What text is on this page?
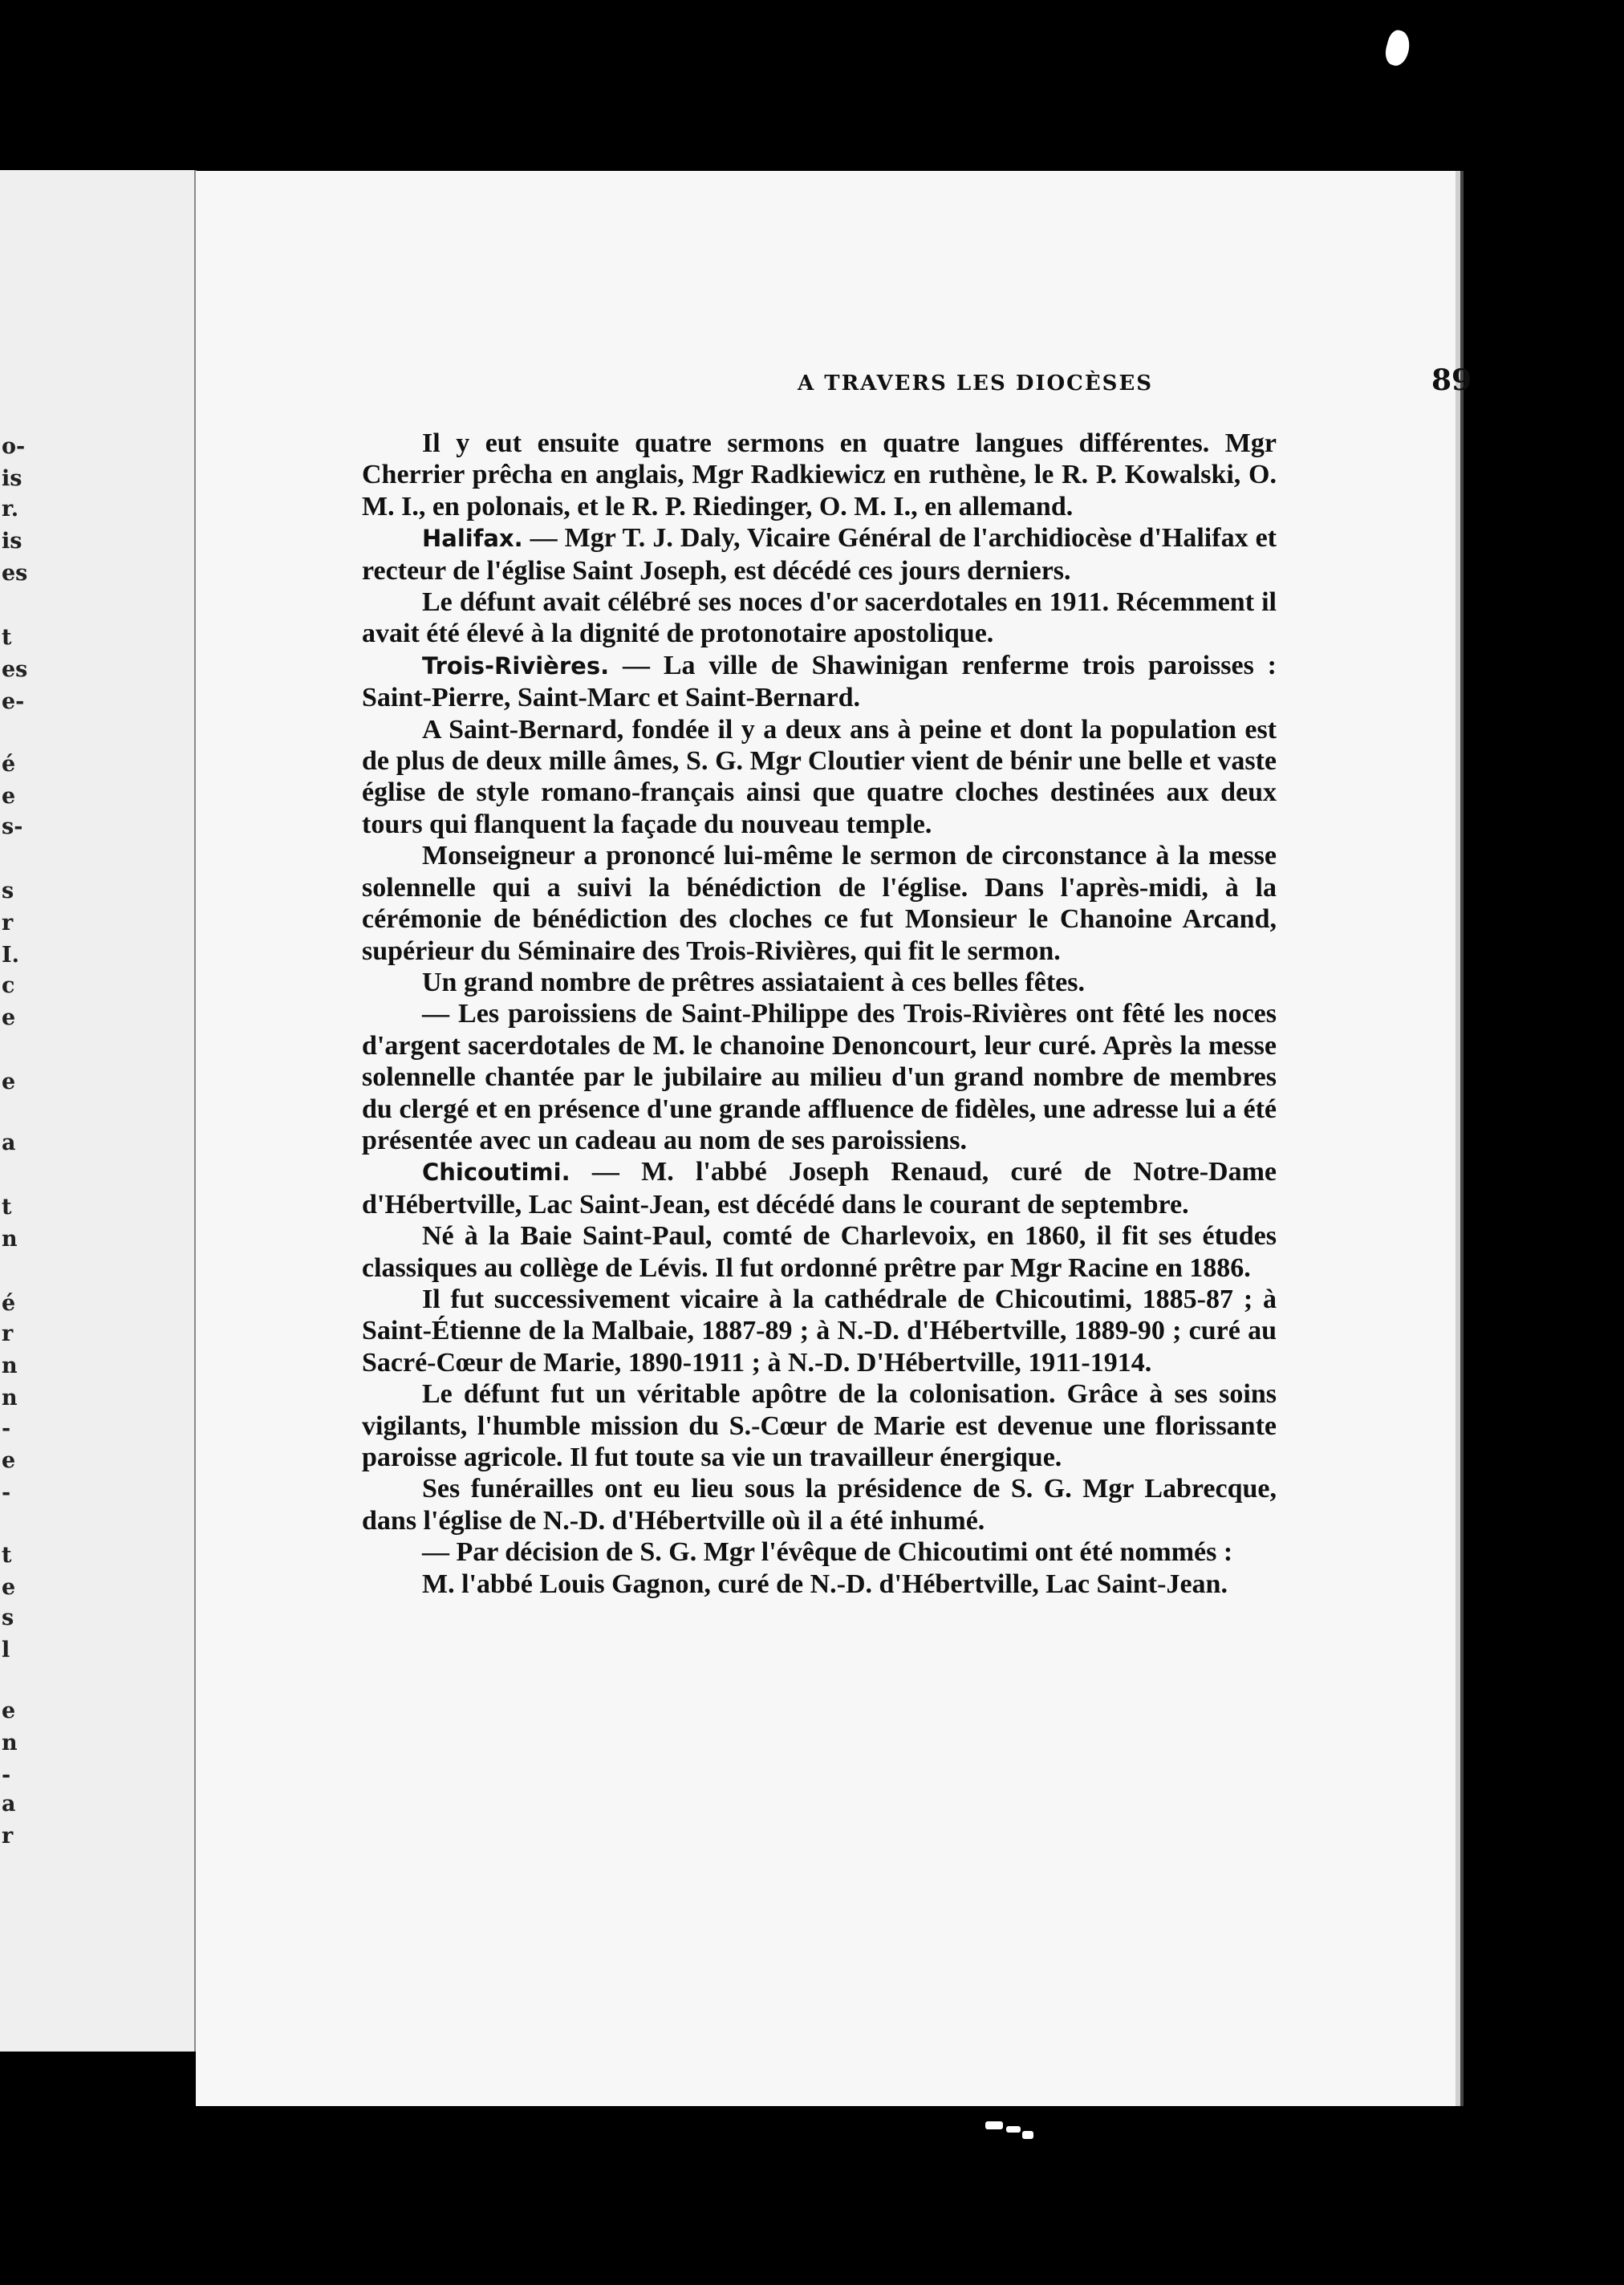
A TRAVERS LES DIOCÈSES	89

Il y eut ensuite quatre sermons en quatre langues différentes. Mgr Cherrier prêcha en anglais, Mgr Radkiewicz en ruthène, le R. P. Kowalski, O. M. I., en polonais, et le R. P. Riedinger, O. M. I., en allemand.

Halifax. — Mgr T. J. Daly, Vicaire Général de l'archidiocèse d'Halifax et recteur de l'église Saint Joseph, est décédé ces jours derniers.

Le défunt avait célébré ses noces d'or sacerdotales en 1911. Récemment il avait été élevé à la dignité de protonotaire apostolique.

Trois-Rivières. — La ville de Shawinigan renferme trois paroisses : Saint-Pierre, Saint-Marc et Saint-Bernard.

A Saint-Bernard, fondée il y a deux ans à peine et dont la population est de plus de deux mille âmes, S. G. Mgr Cloutier vient de bénir une belle et vaste église de style romano-français ainsi que quatre cloches destinées aux deux tours qui flanquent la façade du nouveau temple.

Monseigneur a prononcé lui-même le sermon de circonstance à la messe solennelle qui a suivi la bénédiction de l'église. Dans l'après-midi, à la cérémonie de bénédiction des cloches ce fut Monsieur le Chanoine Arcand, supérieur du Séminaire des Trois-Rivières, qui fit le sermon.

Un grand nombre de prêtres assiataient à ces belles fêtes.

— Les paroissiens de Saint-Philippe des Trois-Rivières ont fêté les noces d'argent sacerdotales de M. le chanoine Denoncourt, leur curé. Après la messe solennelle chantée par le jubilaire au milieu d'un grand nombre de membres du clergé et en présence d'une grande affluence de fidèles, une adresse lui a été présentée avec un cadeau au nom de ses paroissiens.

Chicoutimi. — M. l'abbé Joseph Renaud, curé de Notre-Dame d'Hébertville, Lac Saint-Jean, est décédé dans le courant de septembre.

Né à la Baie Saint-Paul, comté de Charlevoix, en 1860, il fit ses études classiques au collège de Lévis. Il fut ordonné prêtre par Mgr Racine en 1886.

Il fut successivement vicaire à la cathédrale de Chicoutimi, 1885-87 ; à Saint-Étienne de la Malbaie, 1887-89 ; à N.-D. d'Hébertville, 1889-90 ; curé au Sacré-Cœur de Marie, 1890-1911 ; à N.-D. D'Hébertville, 1911-1914.

Le défunt fut un véritable apôtre de la colonisation. Grâce à ses soins vigilants, l'humble mission du S.-Cœur de Marie est devenue une florissante paroisse agricole. Il fut toute sa vie un travailleur énergique.

Ses funérailles ont eu lieu sous la présidence de S. G. Mgr Labrecque, dans l'église de N.-D. d'Hébertville où il a été inhumé.

— Par décision de S. G. Mgr l'évêque de Chicoutimi ont été nommés :

M. l'abbé Louis Gagnon, curé de N.-D. d'Hébertville, Lac Saint-Jean.

o-
is
r.
is
es
t
es
e-
é
e
s-
s
r
I.
c
e
e
a
t
n
é
r
n
n
-
e
-
t
e
s
l
e
n
-
a
r
